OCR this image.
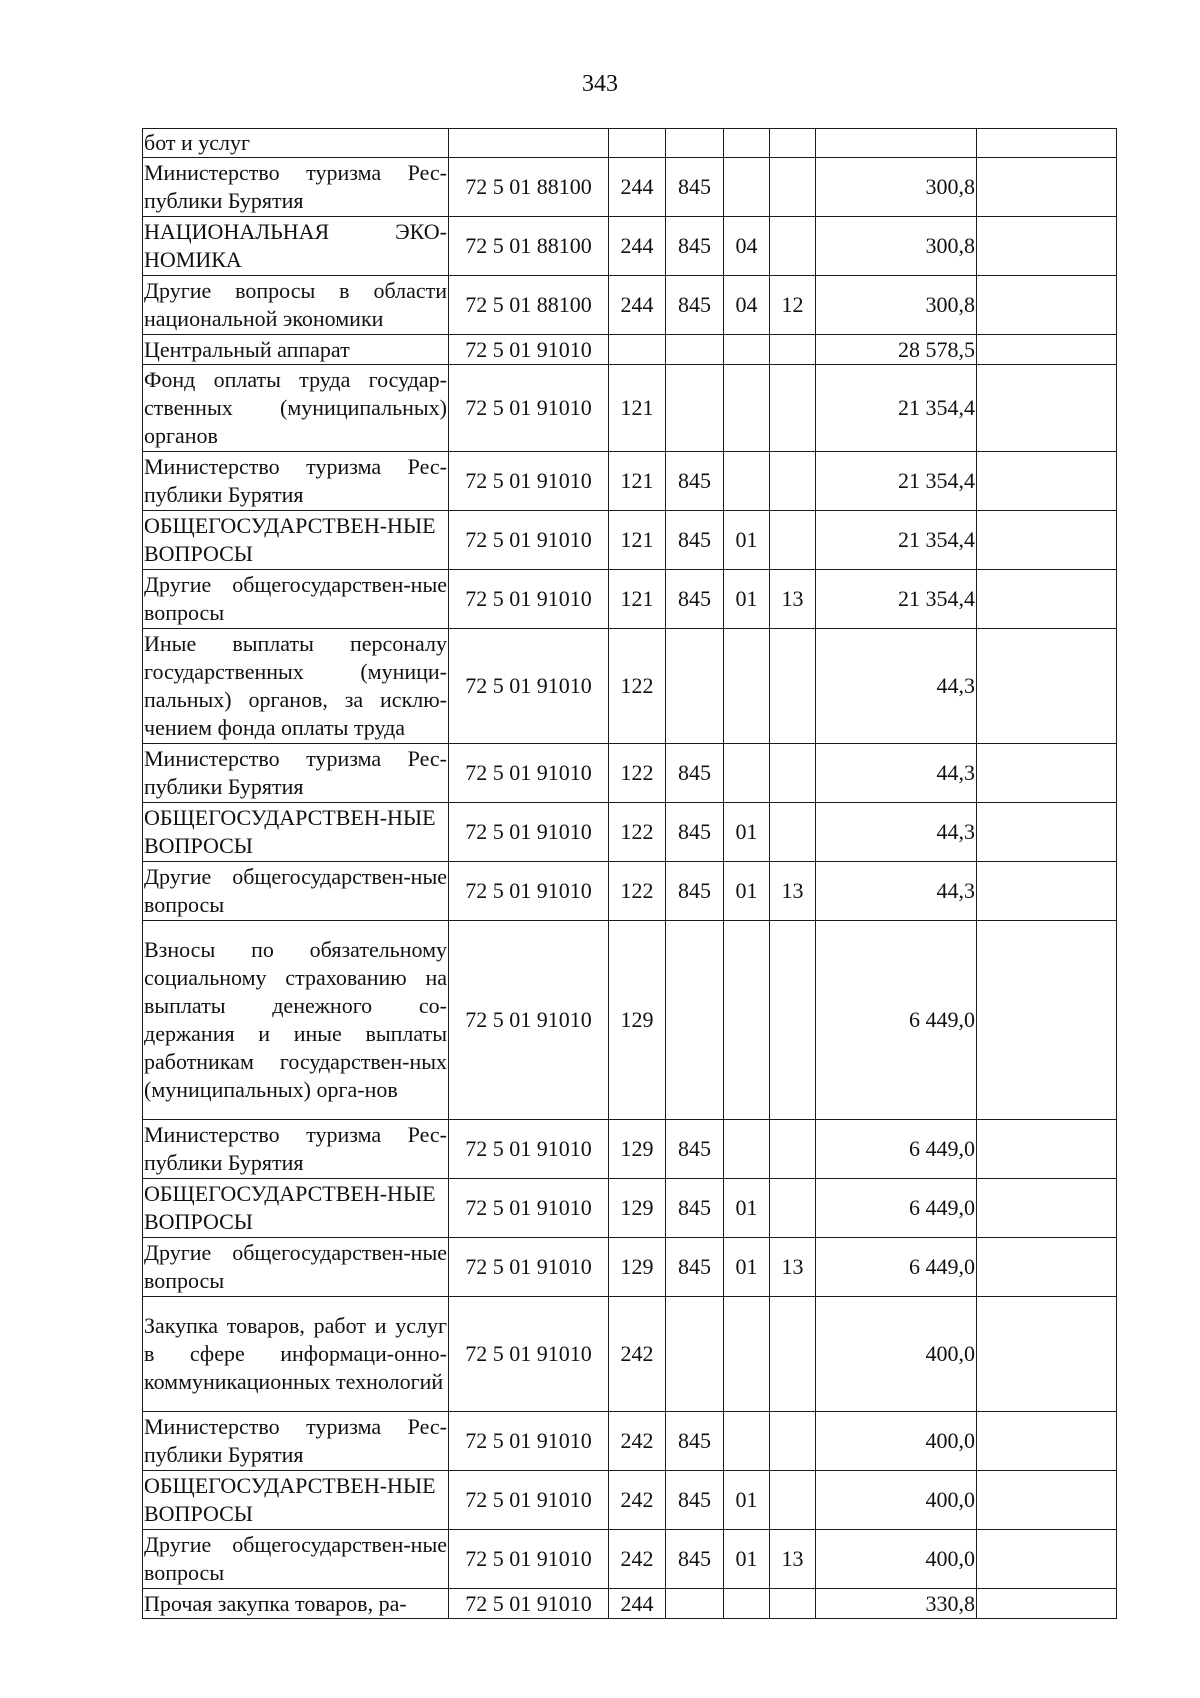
343
бот и услуг							
Министерство туризма Рес-публики Бурятия	72 5 01 88100	244	845			300,8	
НАЦИОНАЛЬНАЯ ЭКО-НОМИКА	72 5 01 88100	244	845	04		300,8	
Другие вопросы в области национальной экономики	72 5 01 88100	244	845	04	12	300,8	
Центральный аппарат	72 5 01 91010					28 578,5	
Фонд оплаты труда государ-ственных (муниципальных) органов	72 5 01 91010	121				21 354,4	
Министерство туризма Рес-публики Бурятия	72 5 01 91010	121	845			21 354,4	
ОБЩЕГОСУДАРСТВЕН-НЫЕ ВОПРОСЫ	72 5 01 91010	121	845	01		21 354,4	
Другие общегосударствен-ные вопросы	72 5 01 91010	121	845	01	13	21 354,4	
Иные выплаты персоналу государственных (муници-пальных) органов, за исклю-чением фонда оплаты труда	72 5 01 91010	122				44,3	
Министерство туризма Рес-публики Бурятия	72 5 01 91010	122	845			44,3	
ОБЩЕГОСУДАРСТВЕН-НЫЕ ВОПРОСЫ	72 5 01 91010	122	845	01		44,3	
Другие общегосударствен-ные вопросы	72 5 01 91010	122	845	01	13	44,3	
Взносы по обязательному социальному страхованию на выплаты денежного со-держания и иные выплаты работникам государствен-ных (муниципальных) орга-нов	72 5 01 91010	129				6 449,0	
Министерство туризма Рес-публики Бурятия	72 5 01 91010	129	845			6 449,0	
ОБЩЕГОСУДАРСТВЕН-НЫЕ ВОПРОСЫ	72 5 01 91010	129	845	01		6 449,0	
Другие общегосударствен-ные вопросы	72 5 01 91010	129	845	01	13	6 449,0	
Закупка товаров, работ и услуг в сфере информаци-онно-коммуникационных технологий	72 5 01 91010	242				400,0	
Министерство туризма Рес-публики Бурятия	72 5 01 91010	242	845			400,0	
ОБЩЕГОСУДАРСТВЕН-НЫЕ ВОПРОСЫ	72 5 01 91010	242	845	01		400,0	
Другие общегосударствен-ные вопросы	72 5 01 91010	242	845	01	13	400,0	
Прочая закупка товаров, ра-	72 5 01 91010	244				330,8	
